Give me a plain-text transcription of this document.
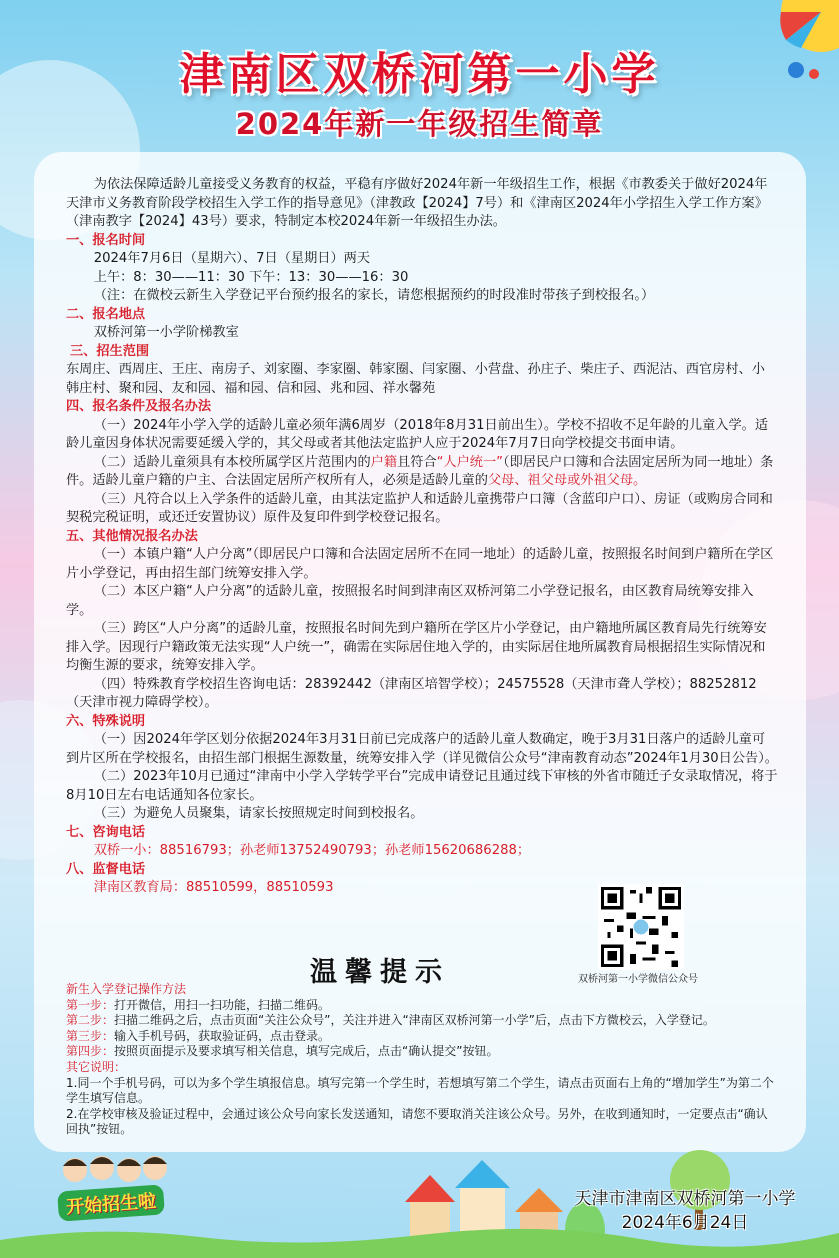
津南区双桥河第一小学
2024年新一年级招生简章

为依法保障适龄儿童接受义务教育的权益，平稳有序做好2024年新一年级招生工作，根据《市教委关于做好2024年天津市义务教育阶段学校招生入学工作的指导意见》（津教政【2024】7号）和《津南区2024年小学招生入学工作方案》（津南教字【2024】43号）要求，特制定本校2024年新一年级招生办法。

一、报名时间

2024年7月6日（星期六）、7日（星期日）两天

上午：8：30——11：30 下午：13：30——16：30

（注：在微校云新生入学登记平台预约报名的家长，请您根据预约的时段准时带孩子到校报名。）

二、报名地点

双桥河第一小学阶梯教室

三、招生范围

东周庄、西周庄、王庄、南房子、刘家圈、李家圈、韩家圈、闫家圈、小营盘、孙庄子、柴庄子、西泥沽、西官房村、小韩庄村、聚和园、友和园、福和园、信和园、兆和园、祥水馨苑

四、报名条件及报名办法

（一）2024年小学入学的适龄儿童必须年满6周岁（2018年8月31日前出生）。学校不招收不足年龄的儿童入学。适龄儿童因身体状况需要延缓入学的，其父母或者其他法定监护人应于2024年7月7日向学校提交书面申请。

（二）适龄儿童须具有本校所属学区片范围内的户籍且符合“人户统一”（即居民户口簿和合法固定居所为同一地址）条件。适龄儿童户籍的户主、合法固定居所产权所有人，必须是适龄儿童的父母、祖父母或外祖父母。

（三）凡符合以上入学条件的适龄儿童，由其法定监护人和适龄儿童携带户口簿（含蓝印户口）、房证（或购房合同和契税完税证明，或还迁安置协议）原件及复印件到学校登记报名。

五、其他情况报名办法

（一）本镇户籍“人户分离”（即居民户口簿和合法固定居所不在同一地址）的适龄儿童，按照报名时间到户籍所在学区片小学登记，再由招生部门统筹安排入学。

（二）本区户籍“人户分离”的适龄儿童，按照报名时间到津南区双桥河第二小学登记报名，由区教育局统筹安排入学。

（三）跨区“人户分离”的适龄儿童，按照报名时间先到户籍所在学区片小学登记，由户籍地所属区教育局先行统筹安排入学。因现行户籍政策无法实现“人户统一”，确需在实际居住地入学的，由实际居住地所属教育局根据招生实际情况和均衡生源的要求，统筹安排入学。

（四）特殊教育学校招生咨询电话：28392442（津南区培智学校）；24575528（天津市聋人学校）；88252812（天津市视力障碍学校）。

六、特殊说明

（一）因2024年学区划分依据2024年3月31日前已完成落户的适龄儿童人数确定，晚于3月31日落户的适龄儿童可到片区所在学校报名，由招生部门根据生源数量，统筹安排入学（详见微信公众号“津南教育动态”2024年1月30日公告）。

（二）2023年10月已通过“津南中小学入学转学平台”完成申请登记且通过线下审核的外省市随迁子女录取情况，将于8月10日左右电话通知各位家长。

（三）为避免人员聚集，请家长按照规定时间到校报名。

七、咨询电话

双桥一小：88516793；孙老师13752490793；孙老师15620686288；

八、监督电话

津南区教育局：88510599，88510593

双桥河第一小学微信公众号
温馨提示

新生入学登记操作方法

第一步：打开微信，用扫一扫功能，扫描二维码。

第二步：扫描二维码之后，点击页面“关注公众号”，关注并进入“津南区双桥河第一小学”后，点击下方微校云，入学登记。

第三步：输入手机号码，获取验证码，点击登录。

第四步：按照页面提示及要求填写相关信息，填写完成后，点击“确认提交”按钮。

其它说明：

1.同一个手机号码，可以为多个学生填报信息。填写完第一个学生时，若想填写第二个学生，请点击页面右上角的“增加学生”为第二个学生填写信息。

2.在学校审核及验证过程中，会通过该公众号向家长发送通知，请您不要取消关注该公众号。另外，在收到通知时，一定要点击“确认回执”按钮。

开始招生啦	天津市津南区双桥河第一小学
2024年6月24日
